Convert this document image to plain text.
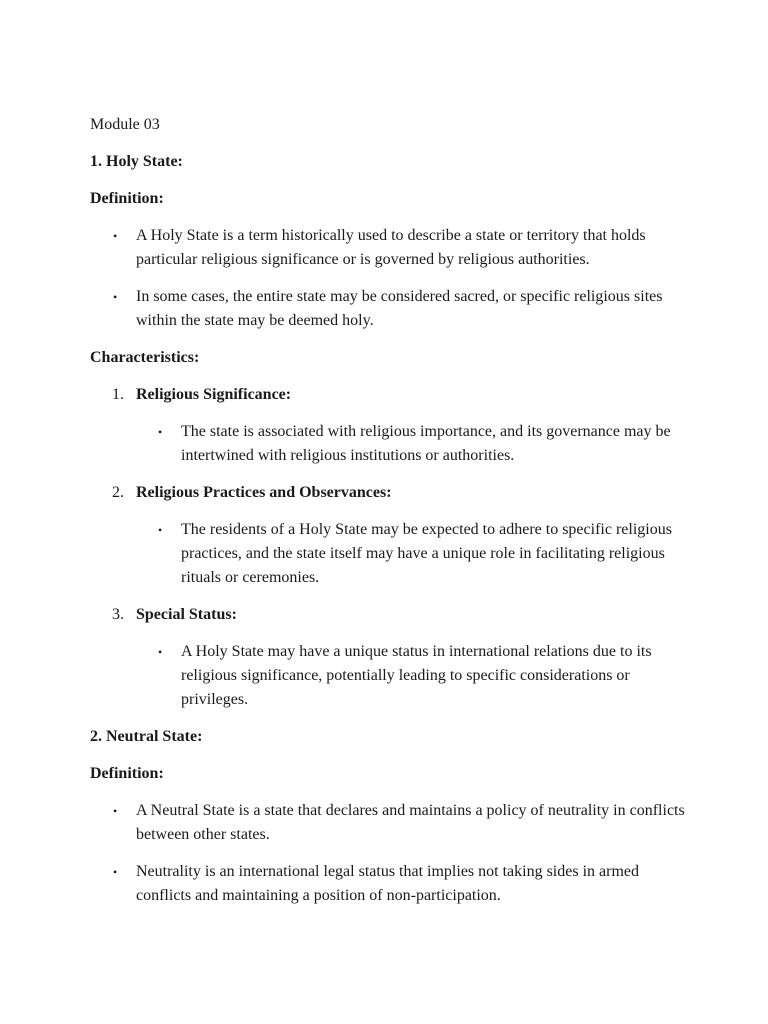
Module 03
1. Holy State:
Definition:
• A Holy State is a term historically used to describe a state or territory that holds particular religious significance or is governed by religious authorities.
• In some cases, the entire state may be considered sacred, or specific religious sites within the state may be deemed holy.
Characteristics:
1. Religious Significance:
• The state is associated with religious importance, and its governance may be intertwined with religious institutions or authorities.
2. Religious Practices and Observances:
• The residents of a Holy State may be expected to adhere to specific religious practices, and the state itself may have a unique role in facilitating religious rituals or ceremonies.
3. Special Status:
• A Holy State may have a unique status in international relations due to its religious significance, potentially leading to specific considerations or privileges.
2. Neutral State:
Definition:
• A Neutral State is a state that declares and maintains a policy of neutrality in conflicts between other states.
• Neutrality is an international legal status that implies not taking sides in armed conflicts and maintaining a position of non-participation.
